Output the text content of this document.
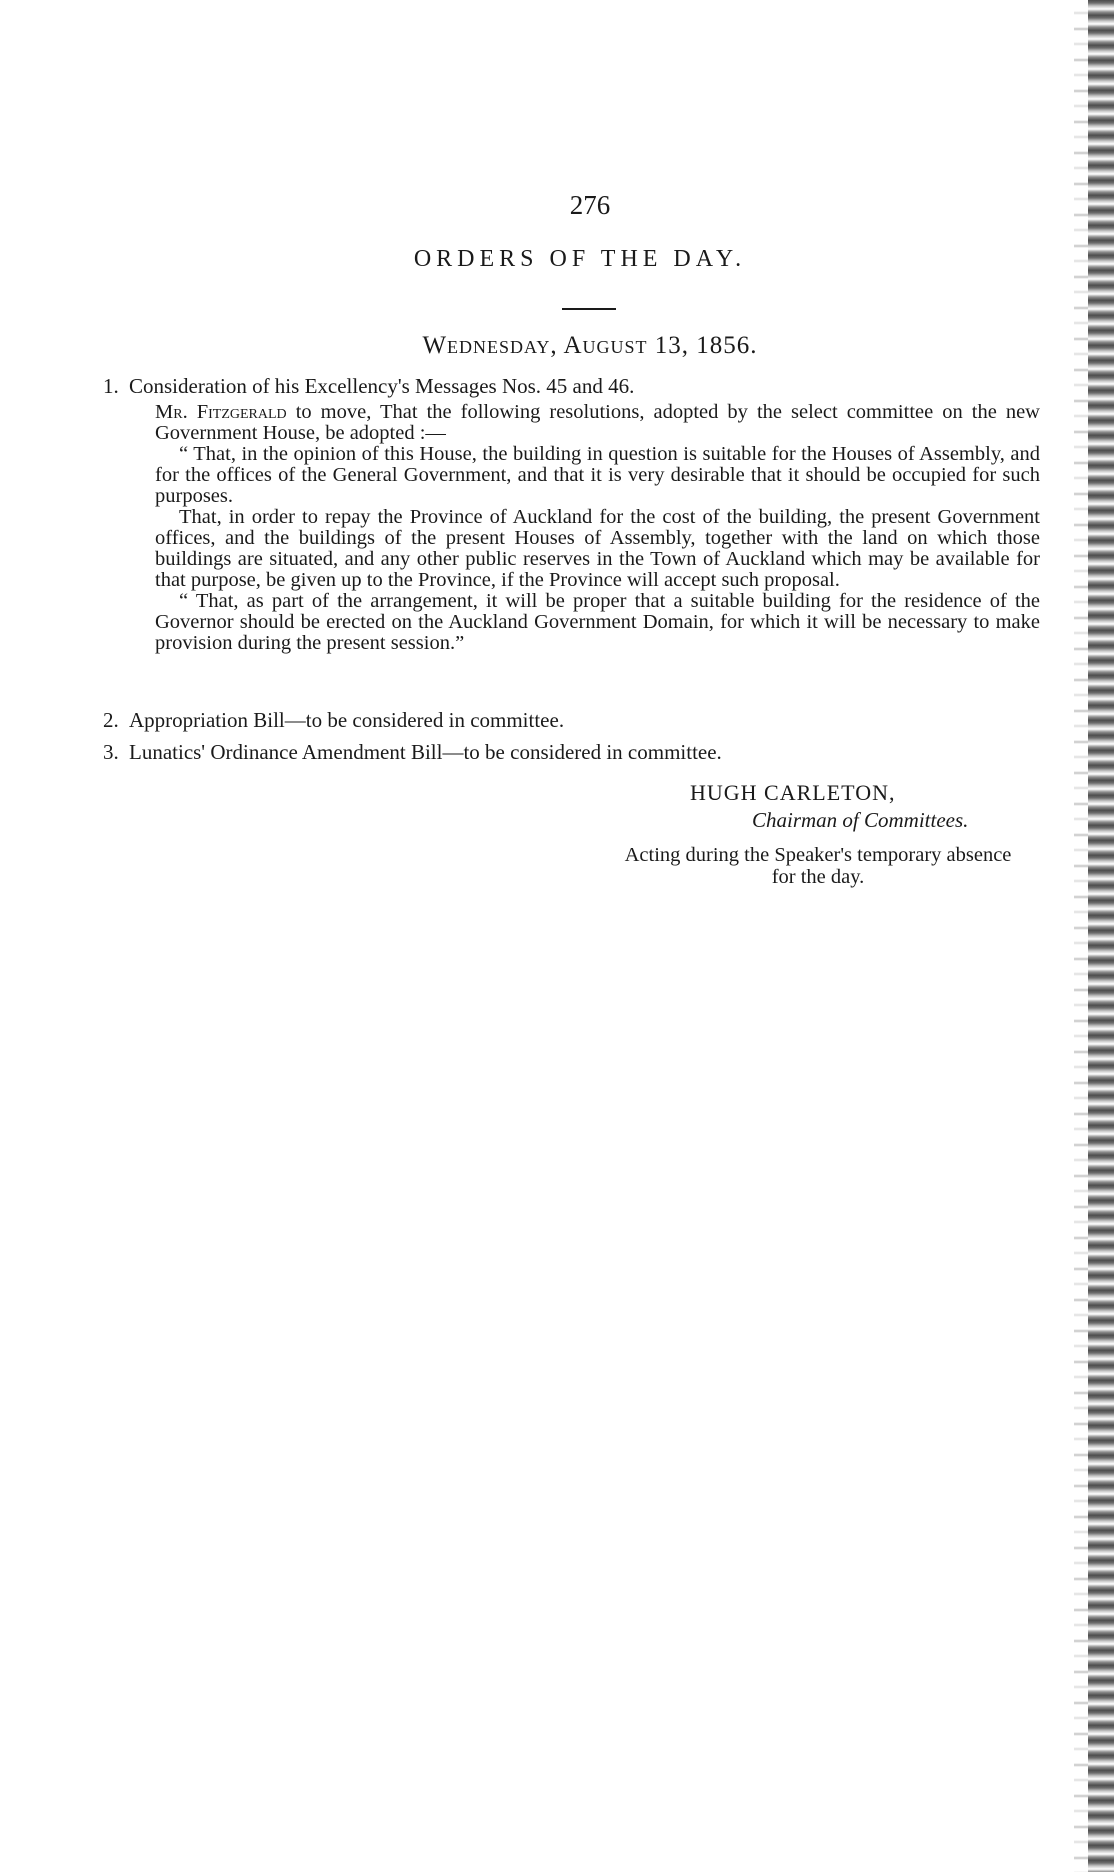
276
ORDERS OF THE DAY.
Wednesday, August 13, 1856.
1. Consideration of his Excellency's Messages Nos. 45 and 46.

Mr. Fitzgerald to move, That the following resolutions, adopted by the select committee on the new Government House, be adopted :—

“ That, in the opinion of this House, the building in question is suitable for the Houses of Assembly, and for the offices of the General Government, and that it is very desirable that it should be occupied for such purposes.

That, in order to repay the Province of Auckland for the cost of the building, the present Government offices, and the buildings of the present Houses of Assembly, together with the land on which those buildings are situated, and any other public reserves in the Town of Auckland which may be available for that purpose, be given up to the Province, if the Province will accept such proposal.

“ That, as part of the arrangement, it will be proper that a suitable building for the residence of the Governor should be erected on the Auckland Government Domain, for which it will be necessary to make provision during the present session.”

2. Appropriation Bill—to be considered in committee.
3. Lunatics' Ordinance Amendment Bill—to be considered in committee.
HUGH CARLETON,
Chairman of Committees.
Acting during the Speaker's temporary absence
for the day.
